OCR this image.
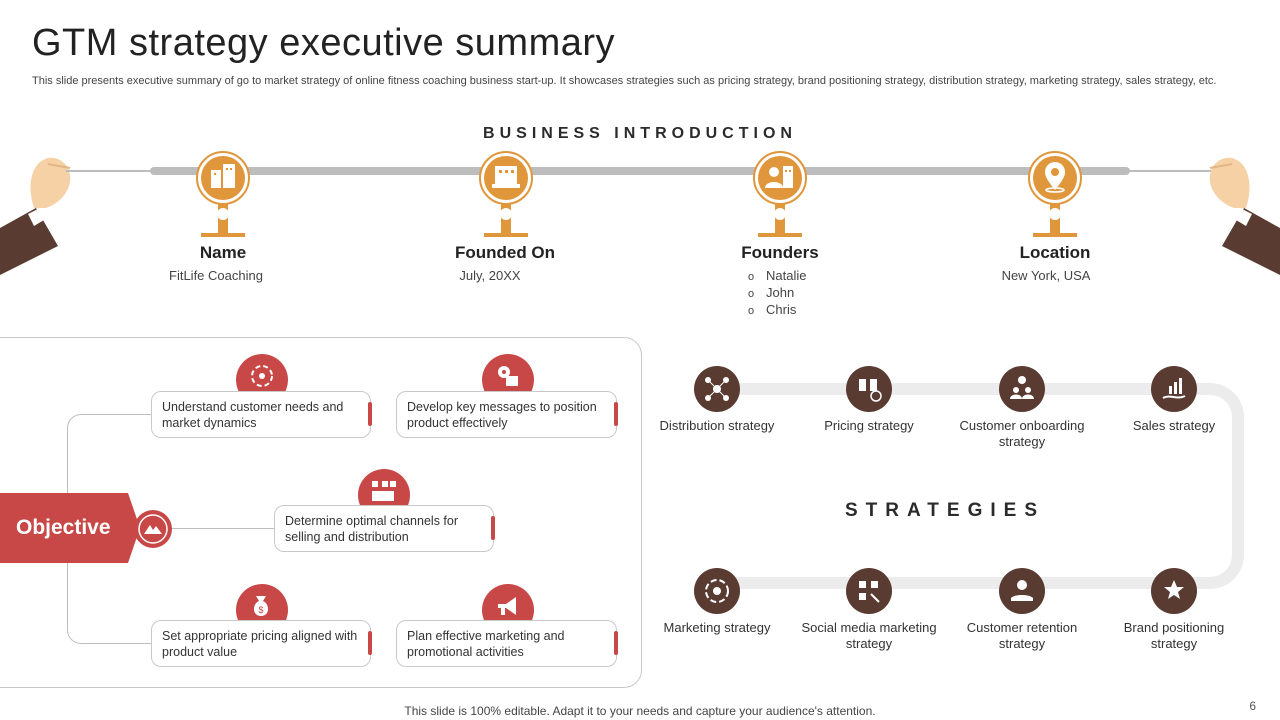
GTM strategy executive summary
This slide presents executive summary of go to market strategy of online fitness coaching business start-up. It showcases strategies such as pricing strategy, brand positioning strategy, distribution strategy, marketing strategy, sales strategy, etc.
BUSINESS INTRODUCTION
Name
FitLife Coaching
Founded On
July, 20XX
Founders
o Natalie
o John
o Chris
Location
New York, USA
Objective
Understand customer needs and market dynamics
Develop key messages to position product effectively
Determine optimal channels for selling and distribution
$
Set appropriate pricing aligned with product value
Plan effective marketing and promotional activities
STRATEGIES
Distribution strategy	Pricing strategy	Customer onboarding strategy
Sales strategy
Marketing strategy	Social media marketing strategy
Customer retention strategy
Brand positioning strategy
This slide is 100% editable. Adapt it to your needs and capture your audience's attention.	6
